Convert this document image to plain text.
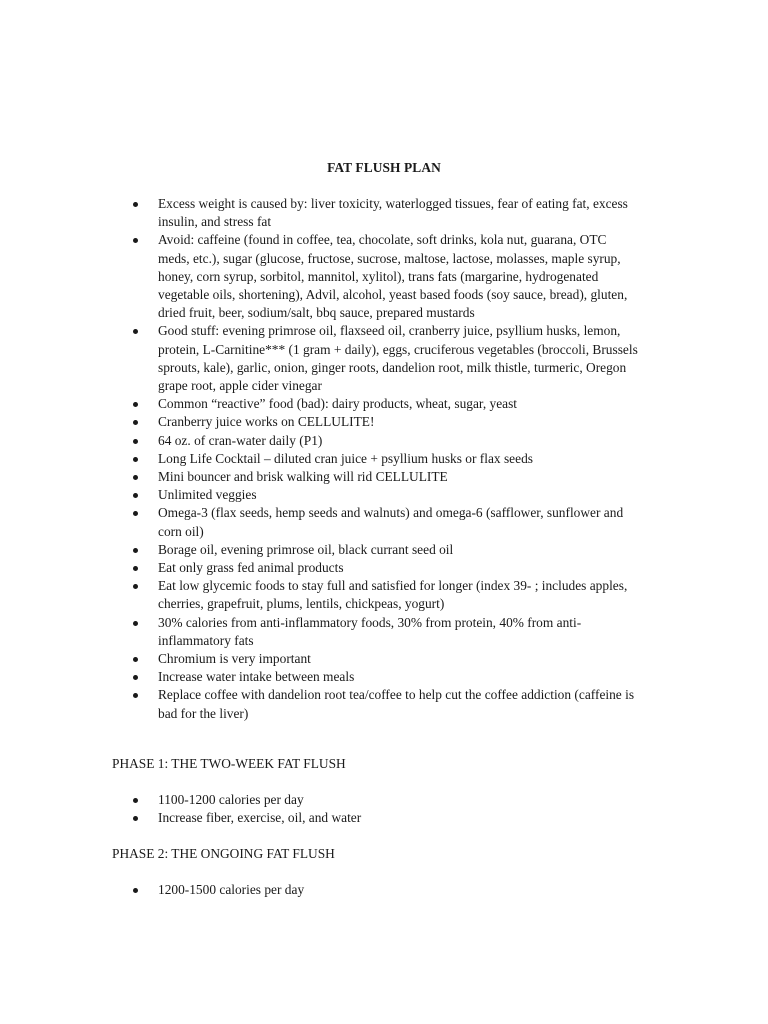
FAT FLUSH PLAN
Excess weight is caused by: liver toxicity, waterlogged tissues, fear of eating fat, excess insulin, and stress fat
Avoid: caffeine (found in coffee, tea, chocolate, soft drinks, kola nut, guarana, OTC meds, etc.), sugar (glucose, fructose, sucrose, maltose, lactose, molasses, maple syrup, honey, corn syrup, sorbitol, mannitol, xylitol), trans fats (margarine, hydrogenated vegetable oils, shortening), Advil, alcohol, yeast based foods (soy sauce, bread), gluten, dried fruit, beer, sodium/salt, bbq sauce, prepared mustards
Good stuff: evening primrose oil, flaxseed oil, cranberry juice, psyllium husks, lemon, protein, L-Carnitine*** (1 gram + daily), eggs, cruciferous vegetables (broccoli, Brussels sprouts, kale), garlic, onion, ginger roots, dandelion root, milk thistle, turmeric, Oregon grape root, apple cider vinegar
Common “reactive” food (bad): dairy products, wheat, sugar, yeast
Cranberry juice works on CELLULITE!
64 oz. of cran-water daily (P1)
Long Life Cocktail – diluted cran juice + psyllium husks or flax seeds
Mini bouncer and brisk walking will rid CELLULITE
Unlimited veggies
Omega-3 (flax seeds, hemp seeds and walnuts) and omega-6 (safflower, sunflower and corn oil)
Borage oil, evening primrose oil, black currant seed oil
Eat only grass fed animal products
Eat low glycemic foods to stay full and satisfied for longer (index 39- ; includes apples, cherries, grapefruit, plums, lentils, chickpeas, yogurt)
30% calories from anti-inflammatory foods, 30% from protein, 40% from anti-inflammatory fats
Chromium is very important
Increase water intake between meals
Replace coffee with dandelion root tea/coffee to help cut the coffee addiction (caffeine is bad for the liver)
PHASE 1: THE TWO-WEEK FAT FLUSH
1100-1200 calories per day
Increase fiber, exercise, oil, and water
PHASE 2: THE ONGOING FAT FLUSH
1200-1500 calories per day
